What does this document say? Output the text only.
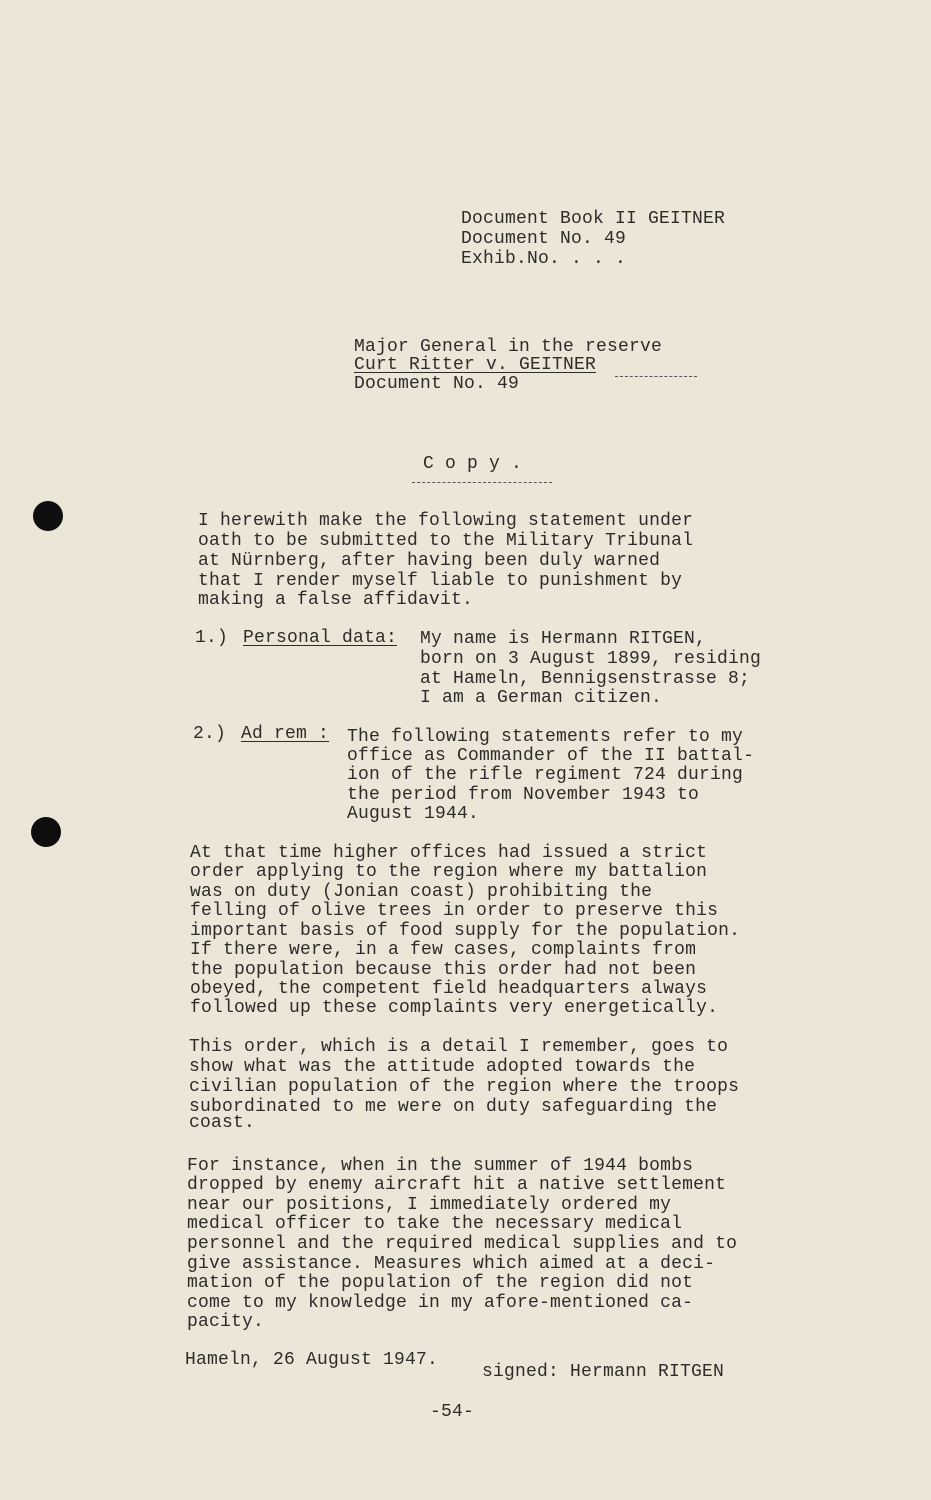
Document Book II GEITNER
Document No. 49
Exhib.No. . . .
Major General in the reserve
Curt Ritter v. GEITNER
Document No. 49
C o p y .
I herewith make the following statement under
oath to be submitted to the Military Tribunal
at Nürnberg, after having been duly warned
that I render myself liable to punishment by
making a false affidavit.
1.) Personal data: My name is Hermann RITGEN,
born on 3 August 1899, residing
at Hameln, Bennigsenstrasse 8;
I am a German citizen.
2.) Ad rem : The following statements refer to my
office as Commander of the II battal-
ion of the rifle regiment 724 during
the period from November 1943 to
August 1944.
At that time higher offices had issued a strict
order applying to the region where my battalion
was on duty (Jonian coast) prohibiting the
felling of olive trees in order to preserve this
important basis of food supply for the population.
If there were, in a few cases, complaints from
the population because this order had not been
obeyed, the competent field headquarters always
followed up these complaints very energetically.
This order, which is a detail I remember, goes to
show what was the attitude adopted towards the
civilian population of the region where the troops
subordinated to me were on duty safeguarding the
coast.
For instance, when in the summer of 1944 bombs
dropped by enemy aircraft hit a native settlement
near our positions, I immediately ordered my
medical officer to take the necessary medical
personnel and the required medical supplies and to
give assistance. Measures which aimed at a deci-
mation of the population of the region did not
come to my knowledge in my afore-mentioned ca-
pacity.
Hameln, 26 August 1947.
signed: Hermann RITGEN
-54-
